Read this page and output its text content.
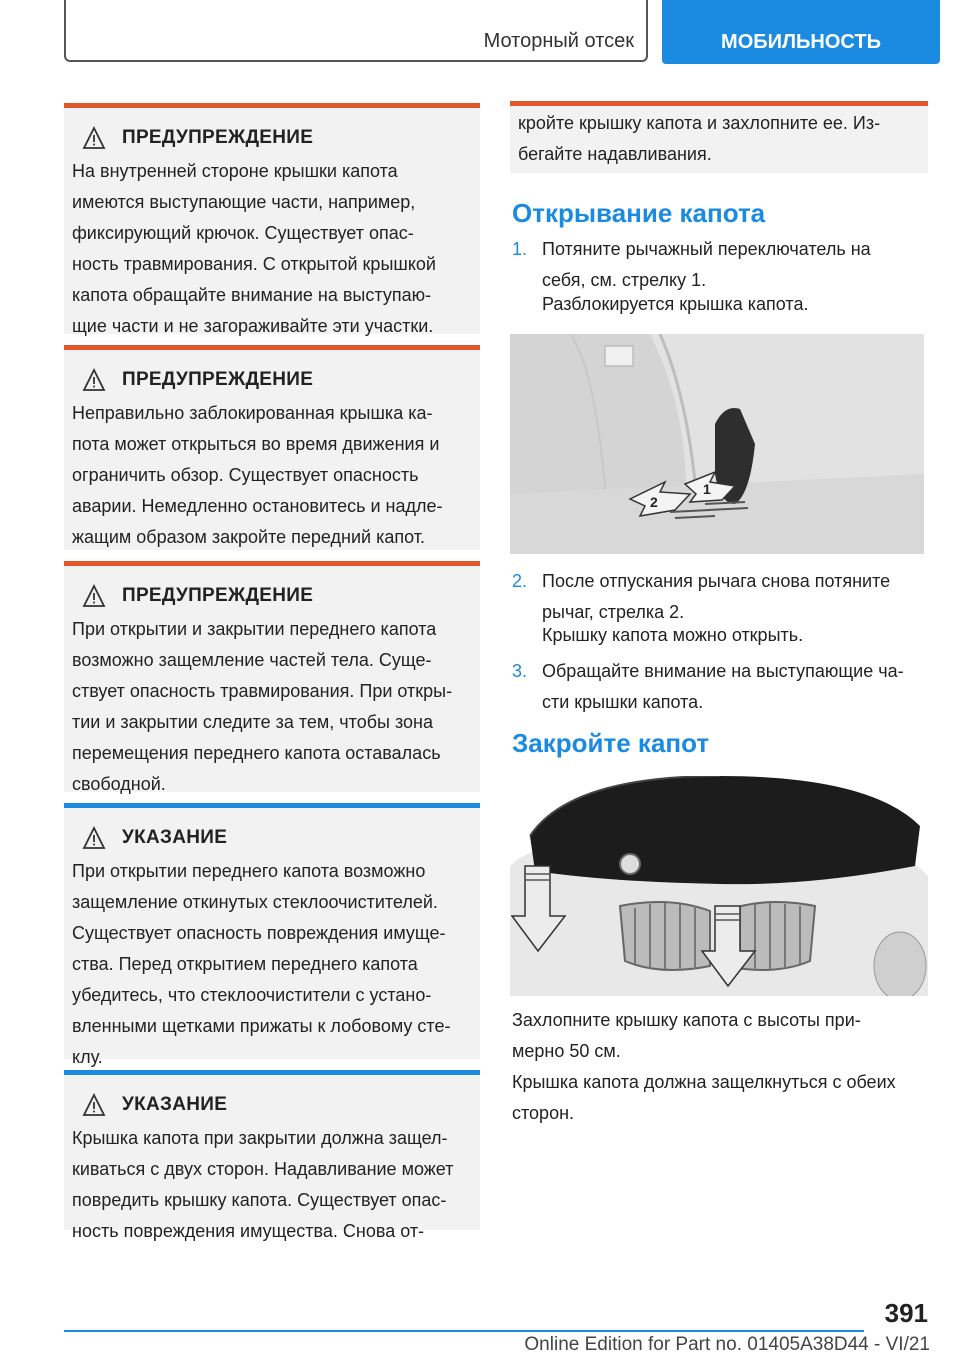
Моторный отсек	МОБИЛЬНОСТЬ
ПРЕДУПРЕЖДЕНИЕ
На внутренней стороне крышки капота
имеются выступающие части, например,
фиксирующий крючок. Существует опас-
ность травмирования. С открытой крышкой
капота обращайте внимание на выступаю-
щие части и не загораживайте эти участки.
ПРЕДУПРЕЖДЕНИЕ
Неправильно заблокированная крышка ка-
пота может открыться во время движения и
ограничить обзор. Существует опасность
аварии. Немедленно остановитесь и надле-
жащим образом закройте передний капот.
ПРЕДУПРЕЖДЕНИЕ
При открытии и закрытии переднего капота
возможно защемление частей тела. Суще-
ствует опасность травмирования. При откры-
тии и закрытии следите за тем, чтобы зона
перемещения переднего капота оставалась
свободной.
УКАЗАНИЕ
При открытии переднего капота возможно
защемление откинутых стеклоочистителей.
Существует опасность повреждения имуще-
ства. Перед открытием переднего капота
убедитесь, что стеклоочистители с устано-
вленными щетками прижаты к лобовому сте-
клу.
УКАЗАНИЕ
Крышка капота при закрытии должна защел-
киваться с двух сторон. Надавливание может
повредить крышку капота. Существует опас-
ность повреждения имущества. Снова от-
кройте крышку капота и захлопните ее. Из-
бегайте надавливания.
Открывание капота
1. Потяните рычажный переключатель на
себя, см. стрелку 1.
Разблокируется крышка капота.
2
1
2. После отпускания рычага снова потяните
рычаг, стрелка 2.
Крышку капота можно открыть.
3. Обращайте внимание на выступающие ча-
сти крышки капота.
Закройте капот
Захлопните крышку капота с высоты при-
мерно 50 см.
Крышка капота должна защелкнуться с обеих
сторон.
391
Online Edition for Part no. 01405A38D44 - VI/21
